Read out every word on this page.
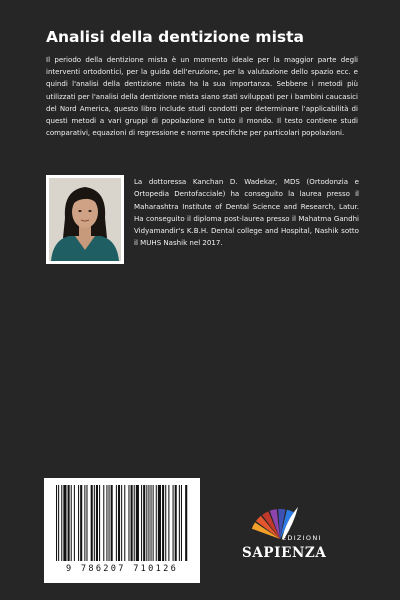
Analisi della dentizione mista

Il periodo della dentizione mista è un momento ideale per la maggior parte degli interventi ortodontici, per la guida dell'eruzione, per la valutazione dello spazio ecc. e quindi l'analisi della dentizione mista ha la sua importanza. Sebbene i metodi più utilizzati per l'analisi della dentizione mista siano stati sviluppati per i bambini caucasici del Nord America, questo libro include studi condotti per determinare l'applicabilità di questi metodi a vari gruppi di popolazione in tutto il mondo. Il testo contiene studi comparativi, equazioni di regressione e norme specifiche per particolari popolazioni.

La dottoressa Kanchan D. Wadekar, MDS (Ortodonzia e Ortopedia Dentofacciale) ha conseguito la laurea presso il Maharashtra Institute of Dental Science and Research, Latur. Ha conseguito il diploma post-laurea presso il Mahatma Gandhi Vidyamandir's K.B.H. Dental college and Hospital, Nashik sotto il MUHS Nashik nel 2017.

9 786207 710126
EDIZIONI
SAPIENZA
